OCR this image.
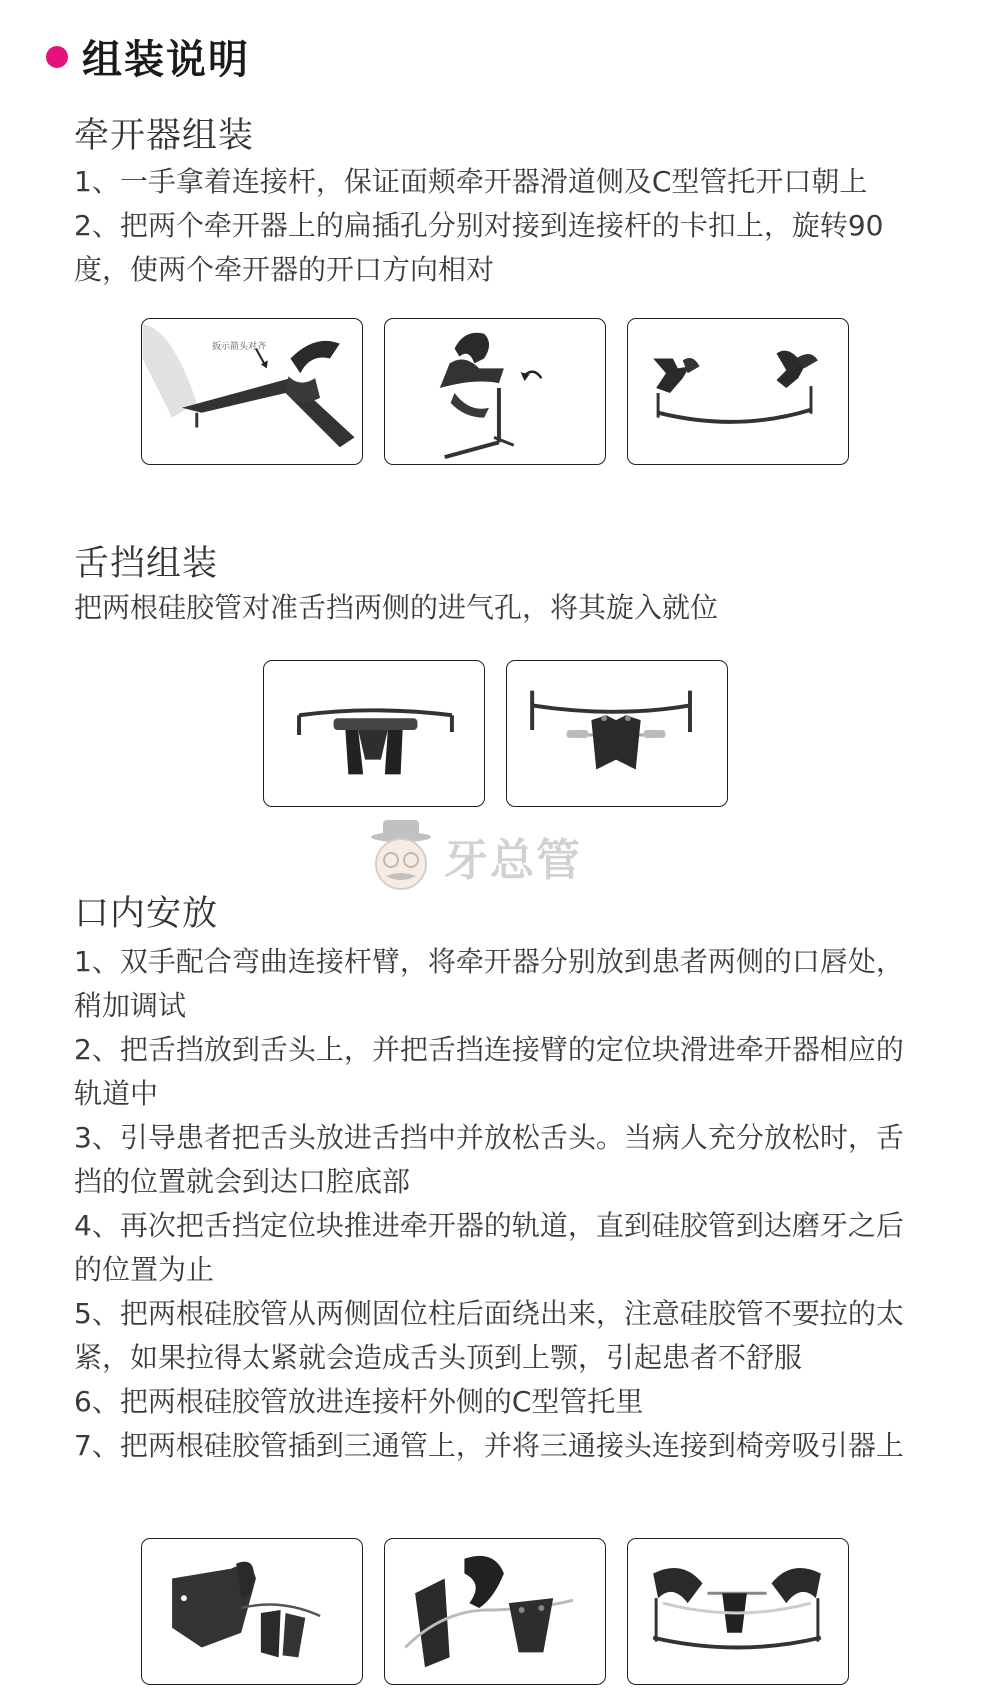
组装说明
牵开器组装

1、一手拿着连接杆，保证面颊牵开器滑道侧及C型管托开口朝上

2、把两个牵开器上的扁插孔分别对接到连接杆的卡扣上，旋转90度，使两个牵开器的开口方向相对

扳示箭头对齐
舌挡组装

把两根硅胶管对准舌挡两侧的进气孔，将其旋入就位

牙总管
口内安放

1、双手配合弯曲连接杆臂，将牵开器分别放到患者两侧的口唇处，稍加调试

2、把舌挡放到舌头上，并把舌挡连接臂的定位块滑进牵开器相应的轨道中

3、引导患者把舌头放进舌挡中并放松舌头。当病人充分放松时，舌挡的位置就会到达口腔底部

4、再次把舌挡定位块推进牵开器的轨道，直到硅胶管到达磨牙之后的位置为止

5、把两根硅胶管从两侧固位柱后面绕出来，注意硅胶管不要拉的太紧，如果拉得太紧就会造成舌头顶到上颚，引起患者不舒服

6、把两根硅胶管放进连接杆外侧的C型管托里

7、把两根硅胶管插到三通管上，并将三通接头连接到椅旁吸引器上
